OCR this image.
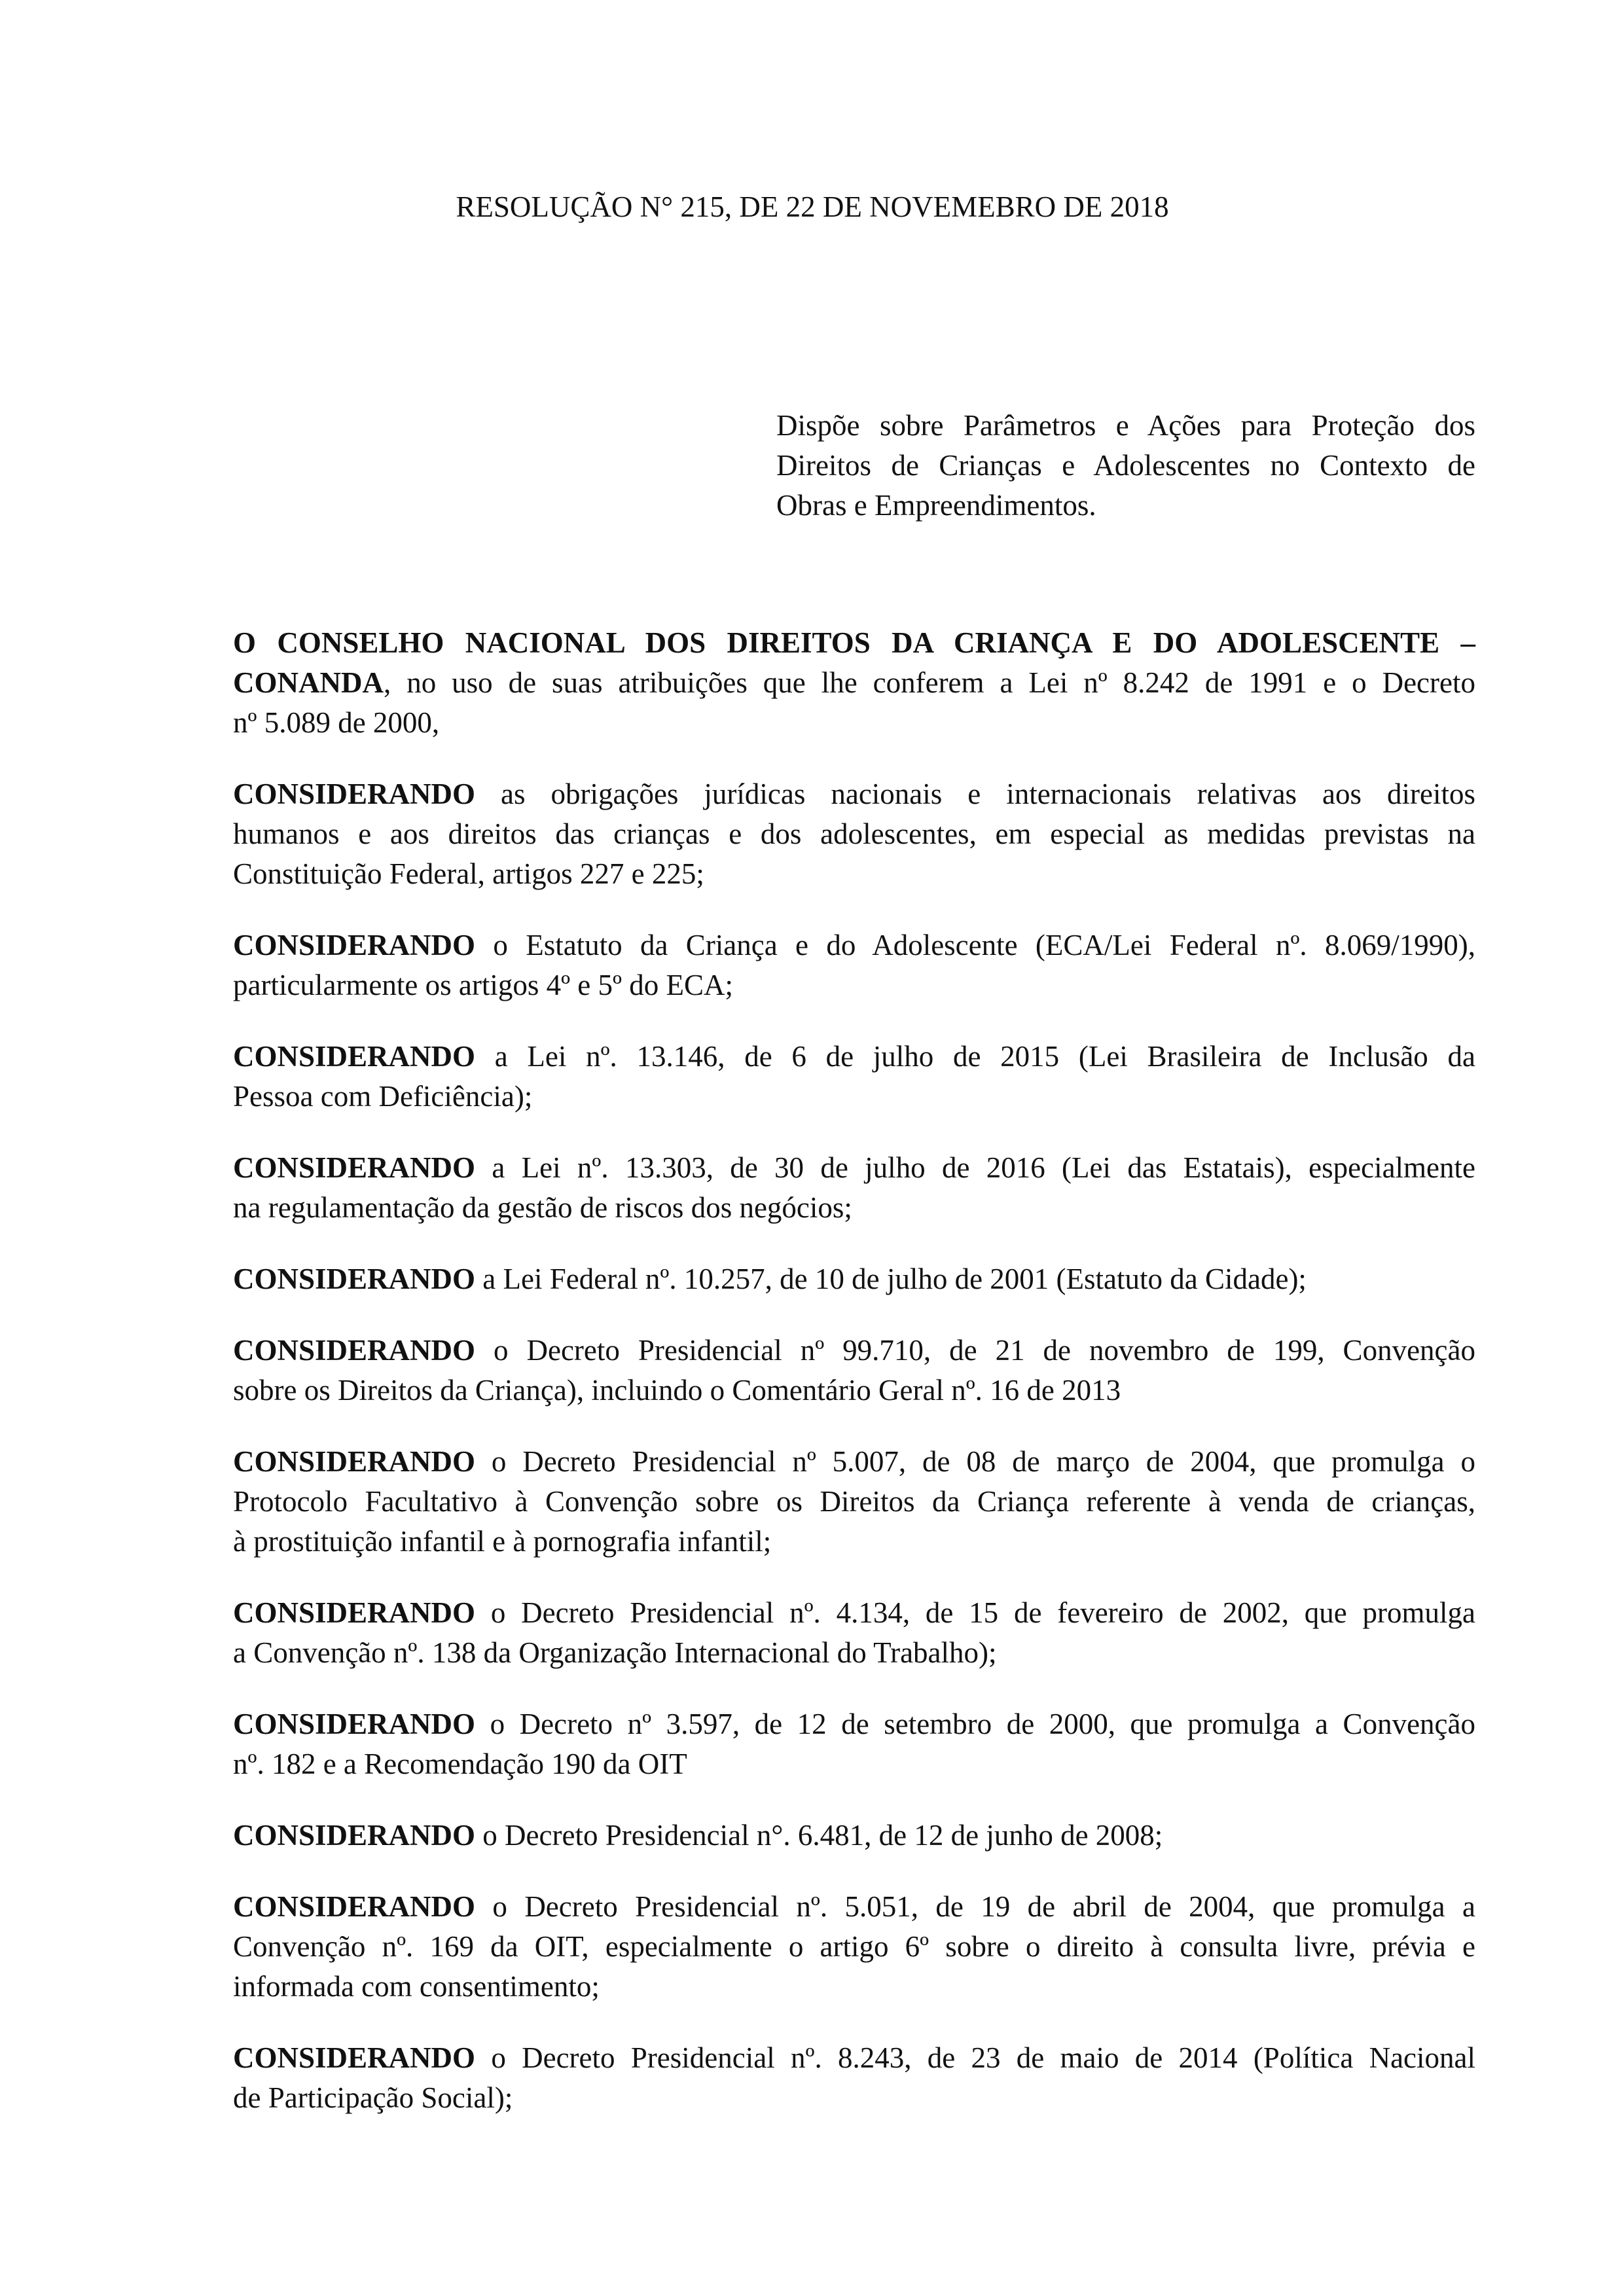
RESOLUÇÃO N° 215, DE 22 DE NOVEMEBRO DE 2018
Dispõe sobre Parâmetros e Ações para Proteção dos
Direitos de Crianças e Adolescentes no Contexto de
Obras e Empreendimentos.
O CONSELHO NACIONAL DOS DIREITOS DA CRIANÇA E DO ADOLESCENTE –
CONANDA, no uso de suas atribuições que lhe conferem a Lei nº 8.242 de 1991 e o Decreto
nº 5.089 de 2000,
CONSIDERANDO as obrigações jurídicas nacionais e internacionais relativas aos direitos
humanos e aos direitos das crianças e dos adolescentes, em especial as medidas previstas na
Constituição Federal, artigos 227 e 225;
CONSIDERANDO o Estatuto da Criança e do Adolescente (ECA/Lei Federal nº. 8.069/1990),
particularmente os artigos 4º e 5º do ECA;
CONSIDERANDO a Lei nº. 13.146, de 6 de julho de 2015 (Lei Brasileira de Inclusão da
Pessoa com Deficiência);
CONSIDERANDO a Lei nº. 13.303, de 30 de julho de 2016 (Lei das Estatais), especialmente
na regulamentação da gestão de riscos dos negócios;
CONSIDERANDO a Lei Federal nº. 10.257, de 10 de julho de 2001 (Estatuto da Cidade);
CONSIDERANDO o Decreto Presidencial nº 99.710, de 21 de novembro de 199, Convenção
sobre os Direitos da Criança), incluindo o Comentário Geral nº. 16 de 2013
CONSIDERANDO o Decreto Presidencial nº 5.007, de 08 de março de 2004, que promulga o
Protocolo Facultativo à Convenção sobre os Direitos da Criança referente à venda de crianças,
à prostituição infantil e à pornografia infantil;
CONSIDERANDO o Decreto Presidencial nº. 4.134, de 15 de fevereiro de 2002, que promulga
a Convenção nº. 138 da Organização Internacional do Trabalho);
CONSIDERANDO o Decreto nº 3.597, de 12 de setembro de 2000, que promulga a Convenção
nº. 182 e a Recomendação 190 da OIT
CONSIDERANDO o Decreto Presidencial n°. 6.481, de 12 de junho de 2008;
CONSIDERANDO o Decreto Presidencial nº. 5.051, de 19 de abril de 2004, que promulga a
Convenção nº. 169 da OIT, especialmente o artigo 6º sobre o direito à consulta livre, prévia e
informada com consentimento;
CONSIDERANDO o Decreto Presidencial nº. 8.243, de 23 de maio de 2014 (Política Nacional
de Participação Social);
